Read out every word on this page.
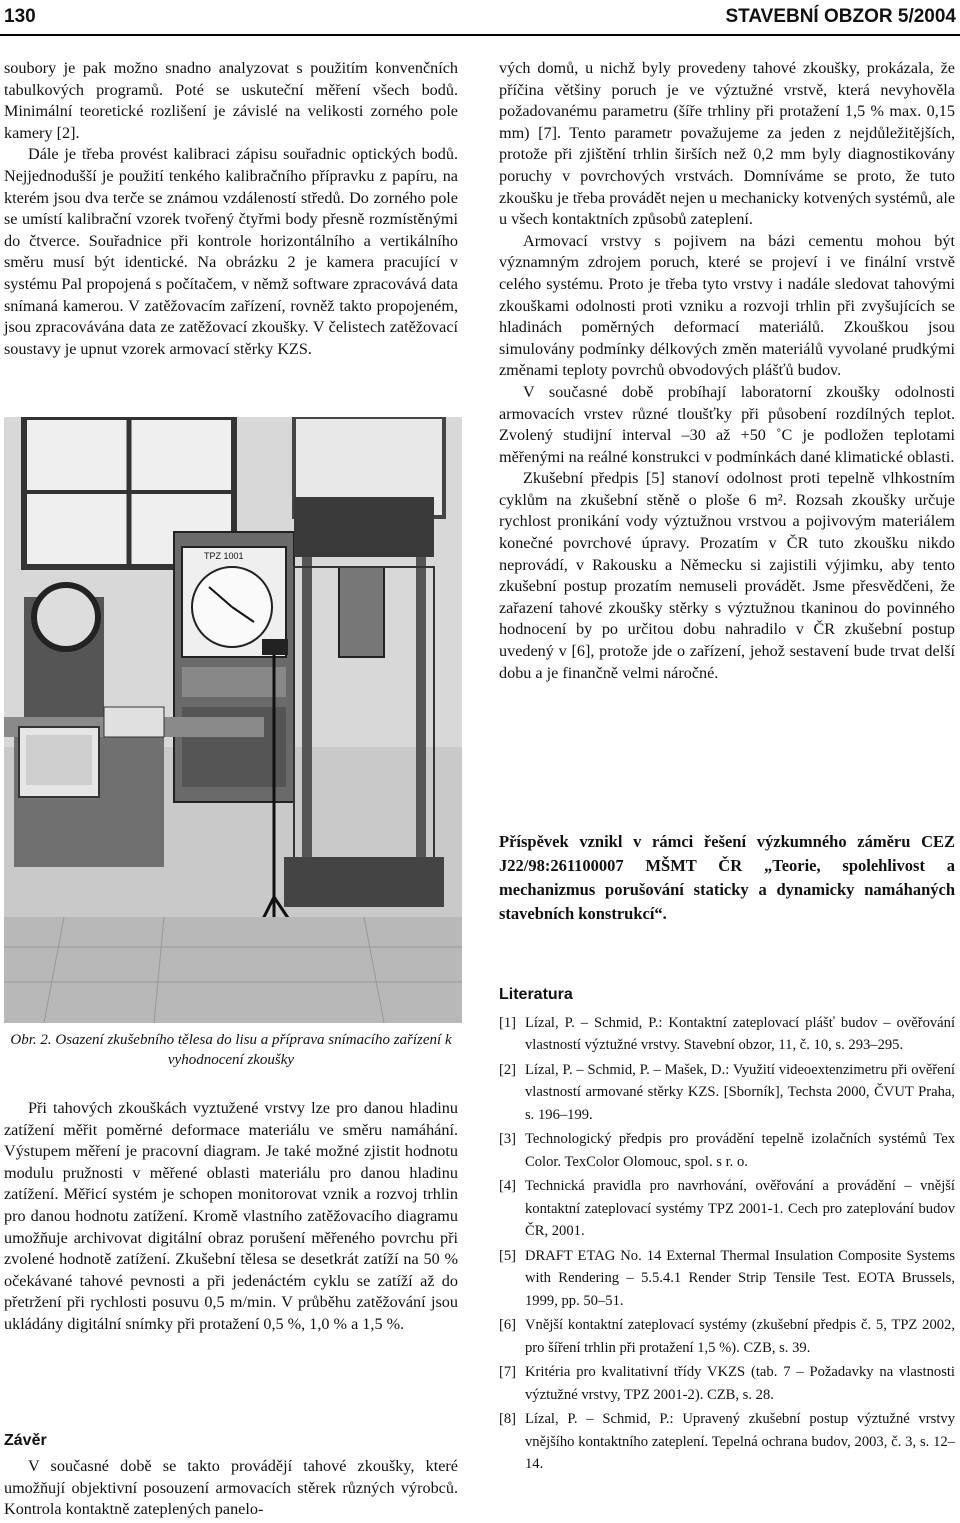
130	STAVEBNÍ OBZOR 5/2004

soubory je pak možno snadno analyzovat s použitím konvenčních tabulkových programů. Poté se uskuteční měření všech bodů. Minimální teoretické rozlišení je závislé na velikosti zorného pole kamery [2].

Dále je třeba provést kalibraci zápisu souřadnic optických bodů. Nejjednodušší je použití tenkého kalibračního přípravku z papíru, na kterém jsou dva terče se známou vzdáleností středů. Do zorného pole se umístí kalibrační vzorek tvořený čtyřmi body přesně rozmístěnými do čtverce. Souřadnice při kontrole horizontálního a vertikálního směru musí být identické. Na obrázku 2 je kamera pracující v systému Pal propojená s počítačem, v němž software zpracovává data snímaná kamerou. V zatěžovacím zařízení, rovněž takto propojeném, jsou zpracovávána data ze zatěžovací zkoušky. V čelistech zatěžovací soustavy je upnut vzorek armovací stěrky KZS.

TPZ 1001
Obr. 2. Osazení zkušebního tělesa do lisu a příprava snímacího zařízení k vyhodnocení zkoušky

Při tahových zkouškách vyztužené vrstvy lze pro danou hladinu zatížení měřit poměrné deformace materiálu ve směru namáhání. Výstupem měření je pracovní diagram. Je také možné zjistit hodnotu modulu pružnosti v měřené oblasti materiálu pro danou hladinu zatížení. Měřicí systém je schopen monitorovat vznik a rozvoj trhlin pro danou hodnotu zatížení. Kromě vlastního zatěžovacího diagramu umožňuje archivovat digitální obraz porušení měřeného povrchu při zvolené hodnotě zatížení. Zkušební tělesa se desetkrát zatíží na 50 % očekávané tahové pevnosti a při jedenáctém cyklu se zatíží až do přetržení při rychlosti posuvu 0,5 m/min. V průběhu zatěžování jsou ukládány digitální snímky při protažení 0,5 %, 1,0 % a 1,5 %.

Závěr

V současné době se takto provádějí tahové zkoušky, které umožňují objektivní posouzení armovacích stěrek různých výrobců. Kontrola kontaktně zateplených panelo-

vých domů, u nichž byly provedeny tahové zkoušky, prokázala, že příčina většiny poruch je ve výztužné vrstvě, která nevyhověla požadovanému parametru (šíře trhliny při protažení 1,5 % max. 0,15 mm) [7]. Tento parametr považujeme za jeden z nejdůležitějších, protože při zjištění trhlin širších než 0,2 mm byly diagnostikovány poruchy v povrchových vrstvách. Domníváme se proto, že tuto zkoušku je třeba provádět nejen u mechanicky kotvených systémů, ale u všech kontaktních způsobů zateplení.

Armovací vrstvy s pojivem na bázi cementu mohou být významným zdrojem poruch, které se projeví i ve finální vrstvě celého systému. Proto je třeba tyto vrstvy i nadále sledovat tahovými zkouškami odolnosti proti vzniku a rozvoji trhlin při zvyšujících se hladinách poměrných deformací materiálů. Zkouškou jsou simulovány podmínky délkových změn materiálů vyvolané prudkými změnami teploty povrchů obvodových plášťů budov.

V současné době probíhají laboratorní zkoušky odolnosti armovacích vrstev různé tloušťky při působení rozdílných teplot. Zvolený studijní interval –30 až +50 ˚C je podložen teplotami měřenými na reálné konstrukci v podmínkách dané klimatické oblasti.

Zkušební předpis [5] stanoví odolnost proti tepelně vlhkostním cyklům na zkušební stěně o ploše 6 m². Rozsah zkoušky určuje rychlost pronikání vody výztužnou vrstvou a pojivovým materiálem konečné povrchové úpravy. Prozatím v ČR tuto zkoušku nikdo neprovádí, v Rakousku a Německu si zajistili výjimku, aby tento zkušební postup prozatím nemuseli provádět. Jsme přesvědčeni, že zařazení tahové zkoušky stěrky s výztužnou tkaninou do povinného hodnocení by po určitou dobu nahradilo v ČR zkušební postup uvedený v [6], protože jde o zařízení, jehož sestavení bude trvat delší dobu a je finančně velmi náročné.

Příspěvek vznikl v rámci řešení výzkumného záměru CEZ J22/98:261100007 MŠMT ČR „Teorie, spolehlivost a mechanizmus porušování staticky a dynamicky namáhaných stavebních konstrukcí“.

Literatura
[1] Lízal, P. – Schmid, P.: Kontaktní zateplovací plášť budov – ověřování vlastností výztužné vrstvy. Stavební obzor, 11, č. 10, s. 293–295.
[2] Lízal, P. – Schmid, P. – Mašek, D.: Využití videoextenzimetru při ověření vlastností armované stěrky KZS. [Sborník], Techsta 2000, ČVUT Praha, s. 196–199.
[3] Technologický předpis pro provádění tepelně izolačních systémů Tex Color. TexColor Olomouc, spol. s r. o.
[4] Technická pravidla pro navrhování, ověřování a provádění – vnější kontaktní zateplovací systémy TPZ 2001-1. Cech pro zateplování budov ČR, 2001.
[5] DRAFT ETAG No. 14 External Thermal Insulation Composite Systems with Rendering – 5.5.4.1 Render Strip Tensile Test. EOTA Brussels, 1999, pp. 50–51.
[6] Vnější kontaktní zateplovací systémy (zkušební předpis č. 5, TPZ 2002, pro šíření trhlin při protažení 1,5 %). CZB, s. 39.
[7] Kritéria pro kvalitativní třídy VKZS (tab. 7 – Požadavky na vlastnosti výztužné vrstvy, TPZ 2001-2). CZB, s. 28.
[8] Lízal, P. – Schmid, P.: Upravený zkušební postup výztužné vrstvy vnějšího kontaktního zateplení. Tepelná ochrana budov, 2003, č. 3, s. 12–14.
